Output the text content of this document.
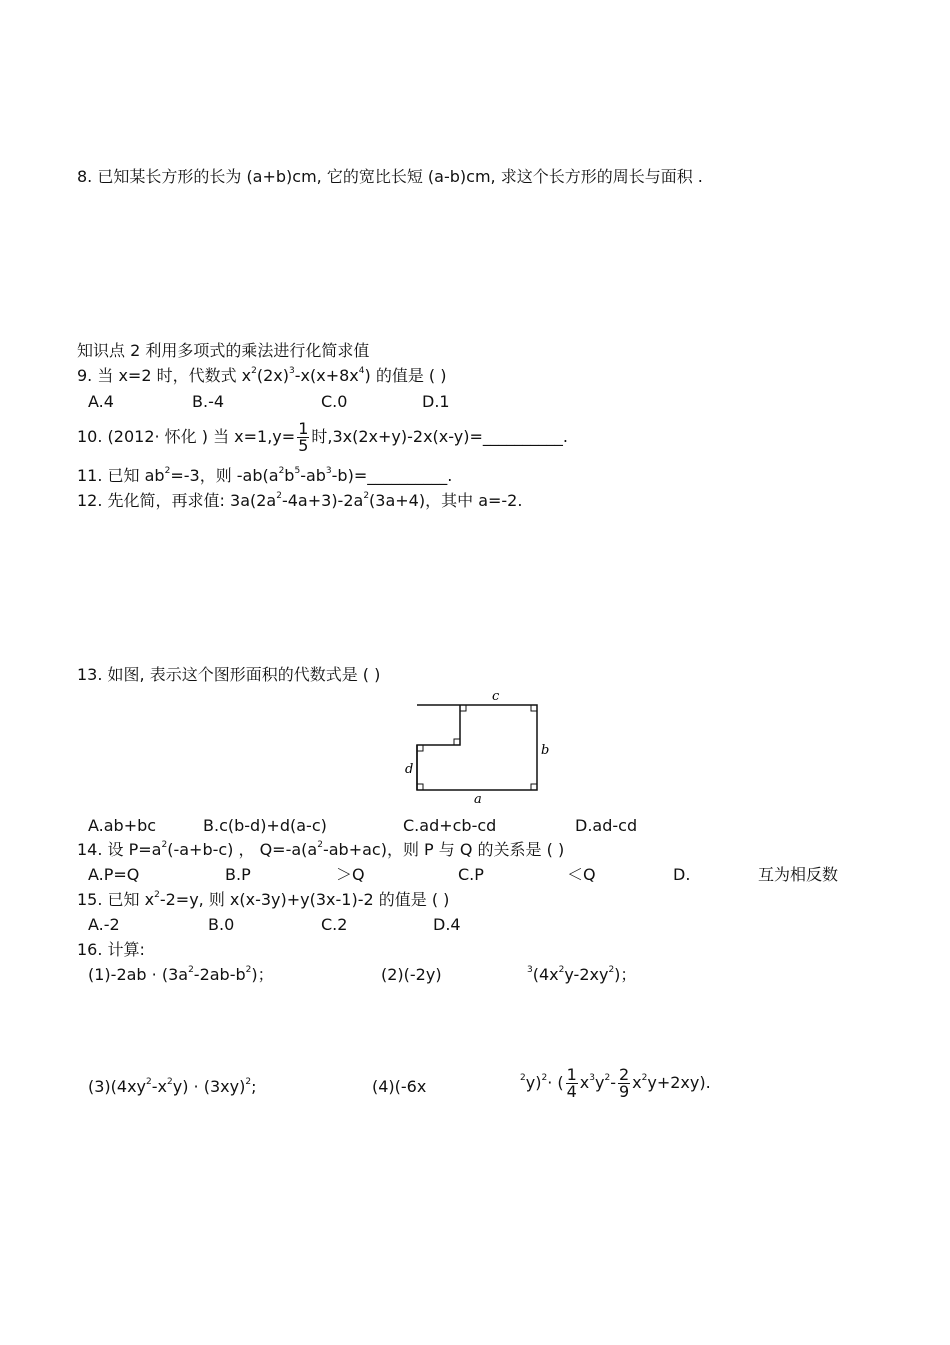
8. 已知某长方形的长为 (a+b)cm, 它的宽比长短 (a-b)cm, 求这个长方形的周长与面积 .
知识点 2 利用多项式的乘法进行化简求值
9. 当 x=2 时，代数式 $x^2(2x)^3-x(x+8x^4)$ 的值是 ( )
A.4	B.-4	C.0	D.1
10. (2012· 怀化 ) 当 $x=1,y= \frac{1}{5}$ 时,3x(2x+y)-2x(x-y)=__________.
11. 已知 $ab^2=-3$，则 $-ab(a^2b^5-ab^3-b)=\_\_\_\_\_\_\_\_\_\_$.
12. 先化简，再求值: $3a(2a^2-4a+3)-2a^2(3a+4)$，其中 a=-2.
13. 如图, 表示这个图形面积的代数式是 ( )
c
b
d
a
A.ab+bc	B.c(b-d)+d(a-c)	C.ad+cb-cd	D.ad-cd
14. 设 $P=a^2(-a+b-c)$ ， $Q=-a(a^2-ab+ac)$，则 P 与 Q 的关系是 ( )
A.P=Q	B.P	＞Q	C.P	＜Q	D.	互为相反数
15. 已知 $x^2-2=y$, 则 x(x-3y)+y(3x-1)-2 的值是 ( )
A.-2	B.0	C.2	D.4
16. 计算:
$(1)-2ab \cdot (3a^2-2ab-b^2)$；	(2)(-2y)	$^3(4x^2y-2xy^2)$；
$(3)(4xy^2-x^2y) \cdot (3xy)^2$;	(4)(-6x	$^2$y)$^2$· ( $\frac{1}{4} x^3y^2- \frac{2}{9} x^2y+2xy$).
